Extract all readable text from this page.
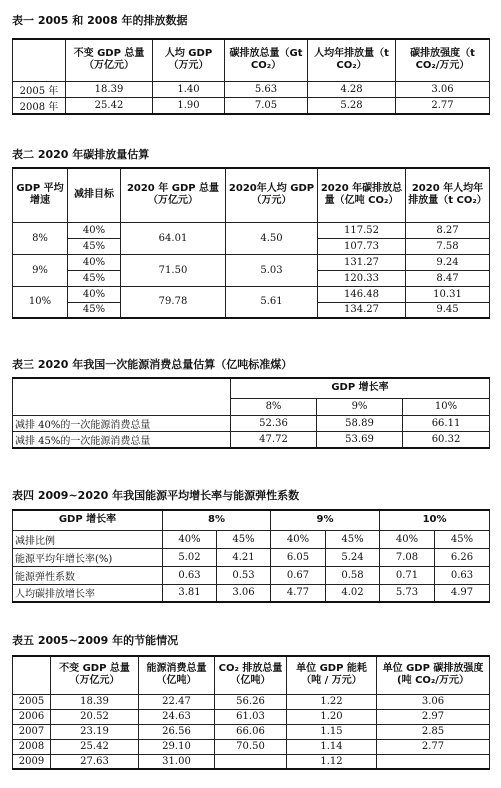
表一 2005 和 2008 年的排放数据
	不变 GDP 总量（万亿元）	人均 GDP（万元）	碳排放总量（Gt CO₂）	人均年排放量（t CO₂）	碳排放强度（t CO₂/万元）
2005 年	18.39	1.40	5.63	4.28	3.06
2008 年	25.42	1.90	7.05	5.28	2.77
表二 2020 年碳排放量估算
GDP 平均增速	减排目标	2020 年 GDP 总量（万亿元）	2020年人均 GDP（万元）	2020 年碳排放总量（亿吨 CO₂）	2020 年人均年排放量（t CO₂）
8%	40%	64.01	4.50	117.52	8.27
	45%			107.73	7.58
9%	40%	71.50	5.03	131.27	9.24
	45%			120.33	8.47
10%	40%	79.78	5.61	146.48	10.31
	45%			134.27	9.45
表三 2020 年我国一次能源消费总量估算（亿吨标准煤）
	GDP 增长率		
	8%	9%	10%
减排 40%的一次能源消费总量	52.36	58.89	66.11
减排 45%的一次能源消费总量	47.72	53.69	60.32
表四 2009~2020 年我国能源平均增长率与能源弹性系数
GDP 增长率	8%		9%		10%	
减排比例	40%	45%	40%	45%	40%	45%
能源平均年增长率(%)	5.02	4.21	6.05	5.24	7.08	6.26
能源弹性系数	0.63	0.53	0.67	0.58	0.71	0.63
人均碳排放增长率	3.81	3.06	4.77	4.02	5.73	4.97
表五 2005~2009 年的节能情况
	不变 GDP 总量（万亿元）	能源消费总量（亿吨）	CO₂ 排放总量（亿吨）	单位 GDP 能耗（吨 / 万元）	单位 GDP 碳排放强度(吨 CO₂/万元）
2005	18.39	22.47	56.26	1.22	3.06
2006	20.52	24.63	61.03	1.20	2.97
2007	23.19	26.56	66.06	1.15	2.85
2008	25.42	29.10	70.50	1.14	2.77
2009	27.63	31.00		1.12	
